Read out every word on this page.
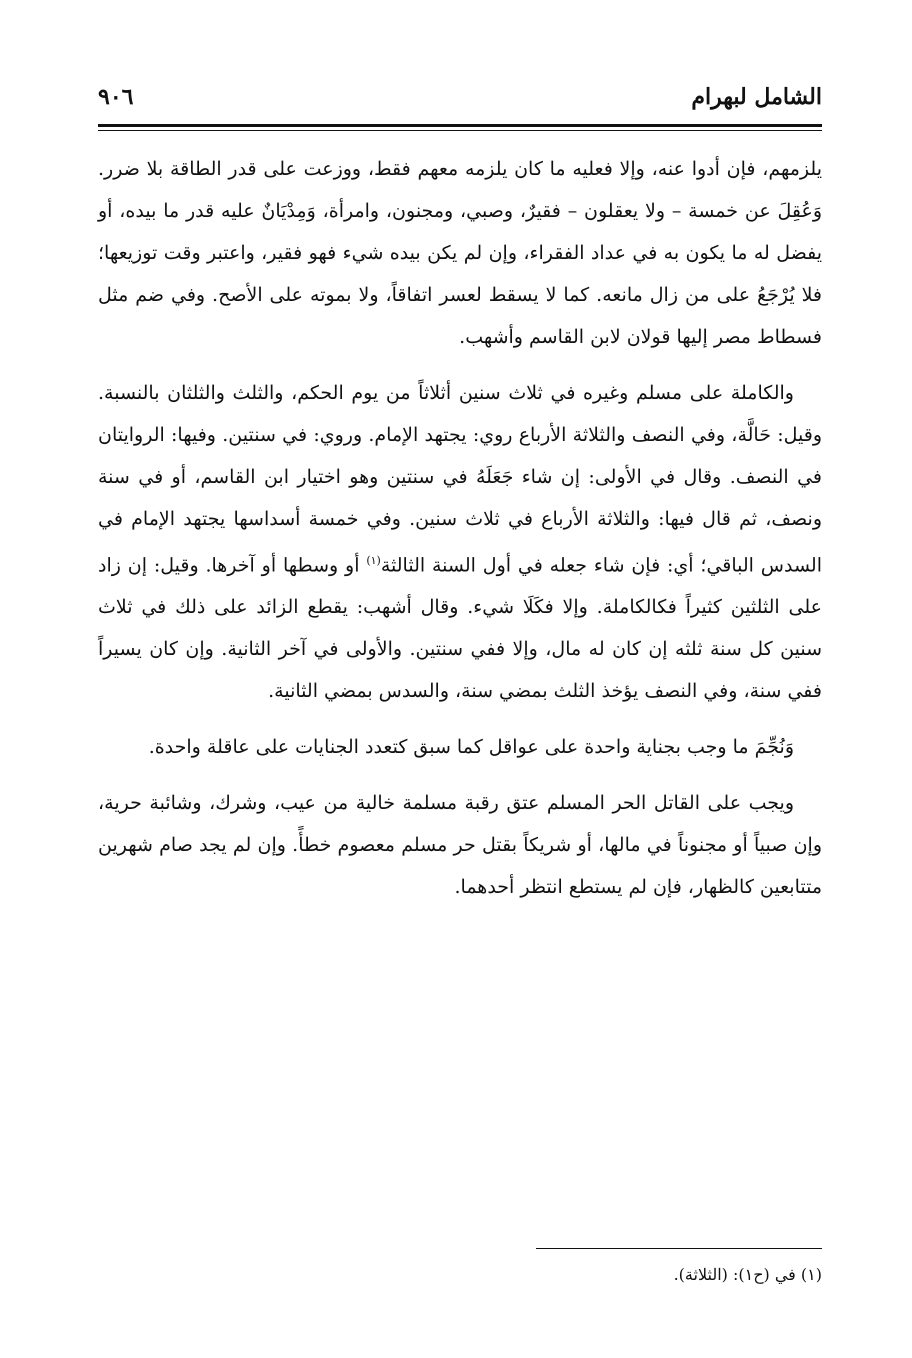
الشامل لبهرام
٩٠٦

يلزمهم، فإن أدوا عنه، وإلا فعليه ما كان يلزمه معهم فقط، ووزعت على قدر الطاقة بلا ضرر. وَعُقِلَ عن خمسة – ولا يعقلون – فقيرٌ، وصبي، ومجنون، وامرأة، وَمِدْيَانٌ عليه قدر ما بيده، أو يفضل له ما يكون به في عداد الفقراء، وإن لم يكن بيده شيء فهو فقير، واعتبر وقت توزيعها؛ فلا يُرْجَعُ على من زال مانعه. كما لا يسقط لعسر اتفاقاً، ولا بموته على الأصح. وفي ضم مثل فسطاط مصر إليها قولان لابن القاسم وأشهب.

والكاملة على مسلم وغيره في ثلاث سنين أثلاثاً من يوم الحكم، والثلث والثلثان بالنسبة. وقيل: حَالَّة، وفي النصف والثلاثة الأرباع روي: يجتهد الإمام. وروي: في سنتين. وفيها: الروايتان في النصف. وقال في الأولى: إن شاء جَعَلَهُ في سنتين وهو اختيار ابن القاسم، أو في سنة ونصف، ثم قال فيها: والثلاثة الأرباع في ثلاث سنين. وفي خمسة أسداسها يجتهد الإمام في السدس الباقي؛ أي: فإن شاء جعله في أول السنة الثالثة$^{(١)}$ أو وسطها أو آخرها. وقيل: إن زاد على الثلثين كثيراً فكالكاملة. وإلا فكَلَا شيء. وقال أشهب: يقطع الزائد على ذلك في ثلاث سنين كل سنة ثلثه إن كان له مال، وإلا ففي سنتين. والأولى في آخر الثانية. وإن كان يسيراً ففي سنة، وفي النصف يؤخذ الثلث بمضي سنة، والسدس بمضي الثانية.

وَنُجِّمَ ما وجب بجناية واحدة على عواقل كما سبق كتعدد الجنايات على عاقلة واحدة.

ويجب على القاتل الحر المسلم عتق رقبة مسلمة خالية من عيب، وشرك، وشائبة حرية، وإن صبياً أو مجنوناً في مالها، أو شريكاً بقتل حر مسلم معصوم خطأً. وإن لم يجد صام شهرين متتابعين كالظهار، فإن لم يستطع انتظر أحدهما.

(١) في (ح١): (الثلاثة).
